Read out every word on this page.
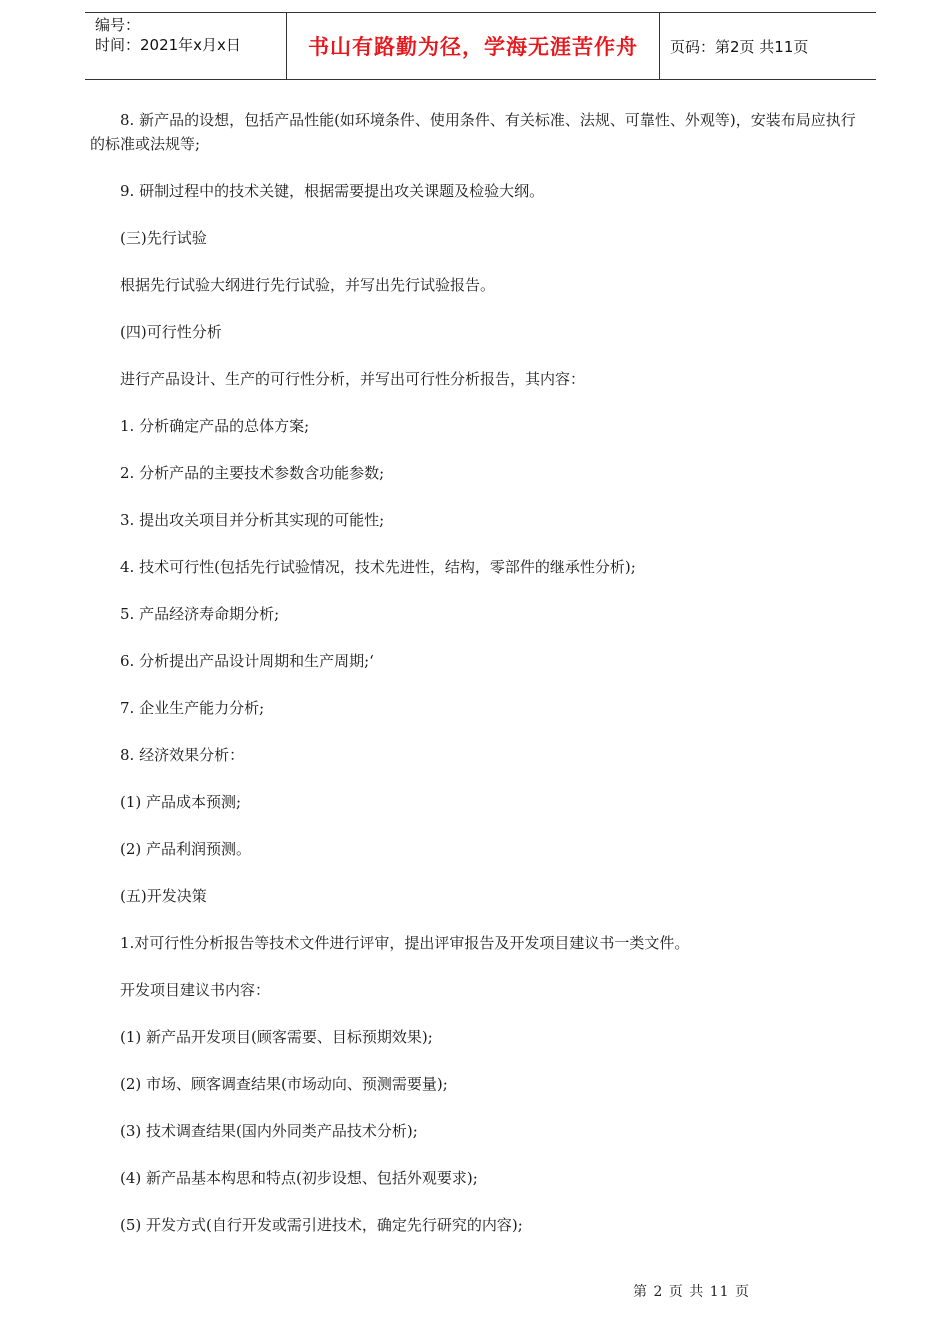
编号：
时间：2021年x月x日	书山有路勤为径，学海无涯苦作舟	页码：第2页 共11页

8. 新产品的设想，包括产品性能(如环境条件、使用条件、有关标准、法规、可靠性、外观等)，安装布局应执行的标准或法规等;

9. 研制过程中的技术关键，根据需要提出攻关课题及检验大纲。

(三)先行试验

根据先行试验大纲进行先行试验，并写出先行试验报告。

(四)可行性分析

进行产品设计、生产的可行性分析，并写出可行性分析报告，其内容：

1. 分析确定产品的总体方案;

2. 分析产品的主要技术参数含功能参数;

3. 提出攻关项目并分析其实现的可能性;

4. 技术可行性(包括先行试验情况，技术先进性，结构，零部件的继承性分析);

5. 产品经济寿命期分析;

6. 分析提出产品设计周期和生产周期;‘

7. 企业生产能力分析;

8. 经济效果分析：

(1) 产品成本预测;

(2) 产品利润预测。

(五)开发决策

1.对可行性分析报告等技术文件进行评审，提出评审报告及开发项目建议书一类文件。

开发项目建议书内容：

(1) 新产品开发项目(顾客需要、目标预期效果);

(2) 市场、顾客调查结果(市场动向、预测需要量);

(3) 技术调查结果(国内外同类产品技术分析);

(4) 新产品基本构思和特点(初步设想、包括外观要求);

(5) 开发方式(自行开发或需引进技术，确定先行研究的内容);

第 2 页 共 11 页
